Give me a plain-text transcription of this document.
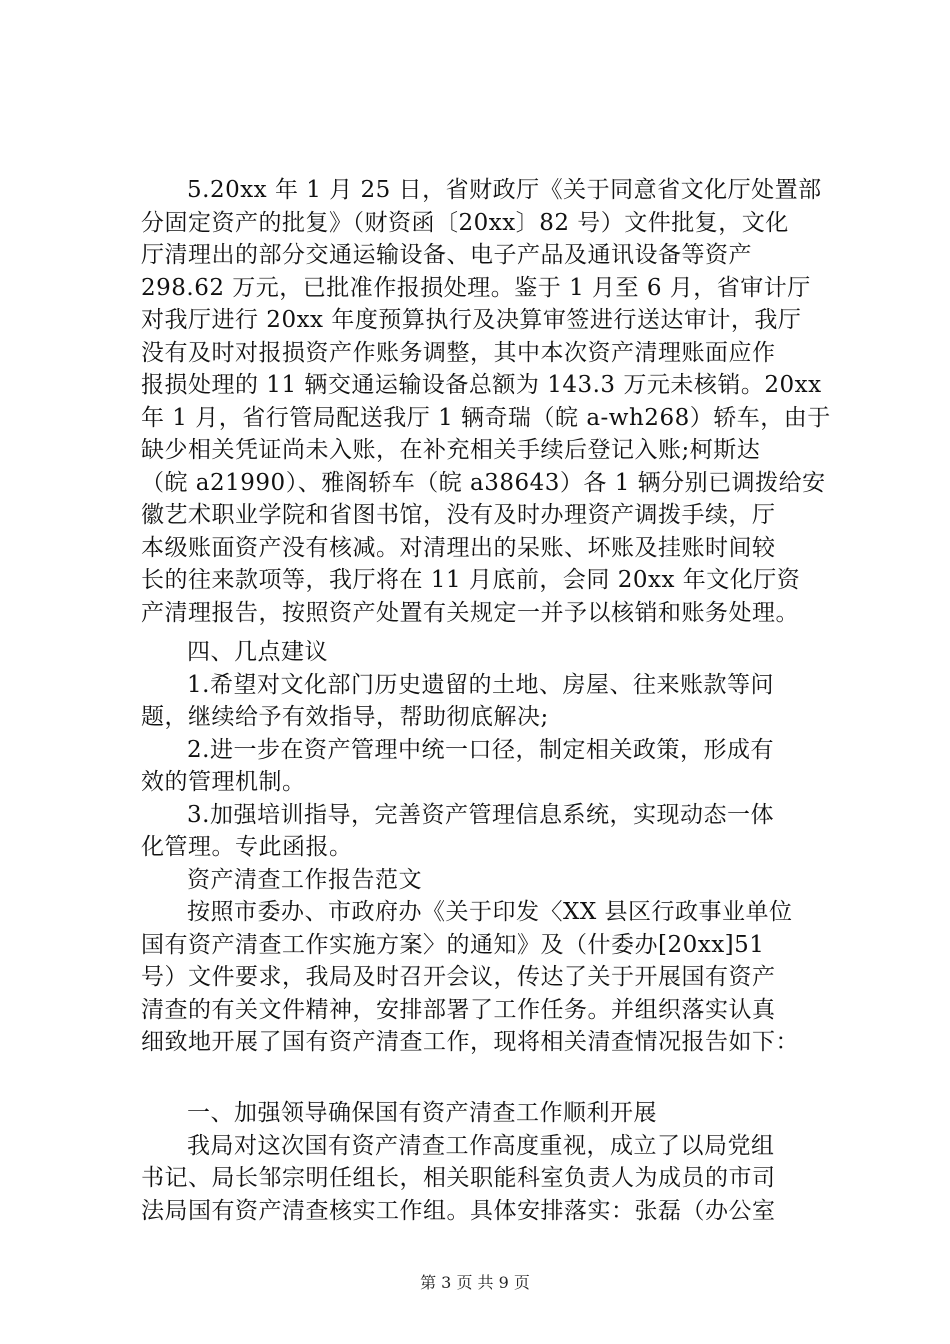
5.20xx 年 1 月 25 日，省财政厅《关于同意省文化厅处置部
分固定资产的批复》（财资函〔20xx〕82 号）文件批复，文化
厅清理出的部分交通运输设备、电子产品及通讯设备等资产
298.62 万元，已批准作报损处理。鉴于 1 月至 6 月，省审计厅
对我厅进行 20xx 年度预算执行及决算审签进行送达审计，我厅
没有及时对报损资产作账务调整，其中本次资产清理账面应作
报损处理的 11 辆交通运输设备总额为 143.3 万元未核销。20xx
年 1 月，省行管局配送我厅 1 辆奇瑞（皖 a-wh268）轿车，由于
缺少相关凭证尚未入账，在补充相关手续后登记入账;柯斯达
（皖 a21990）、雅阁轿车（皖 a38643）各 1 辆分别已调拨给安
徽艺术职业学院和省图书馆，没有及时办理资产调拨手续，厅
本级账面资产没有核减。对清理出的呆账、坏账及挂账时间较
长的往来款项等，我厅将在 11 月底前，会同 20xx 年文化厅资
产清理报告，按照资产处置有关规定一并予以核销和账务处理。
四、几点建议
1.希望对文化部门历史遗留的土地、房屋、往来账款等问
题，继续给予有效指导，帮助彻底解决;
2.进一步在资产管理中统一口径，制定相关政策，形成有
效的管理机制。
3.加强培训指导，完善资产管理信息系统，实现动态一体
化管理。专此函报。
资产清查工作报告范文
按照市委办、市政府办《关于印发〈XX 县区行政事业单位
国有资产清查工作实施方案〉的通知》及（什委办[20xx]51
号）文件要求，我局及时召开会议，传达了关于开展国有资产
清查的有关文件精神，安排部署了工作任务。并组织落实认真
细致地开展了国有资产清查工作，现将相关清查情况报告如下：
一、加强领导确保国有资产清查工作顺利开展
我局对这次国有资产清查工作高度重视，成立了以局党组
书记、局长邹宗明任组长，相关职能科室负责人为成员的市司
法局国有资产清查核实工作组。具体安排落实：张磊（办公室
第 3 页 共 9 页
